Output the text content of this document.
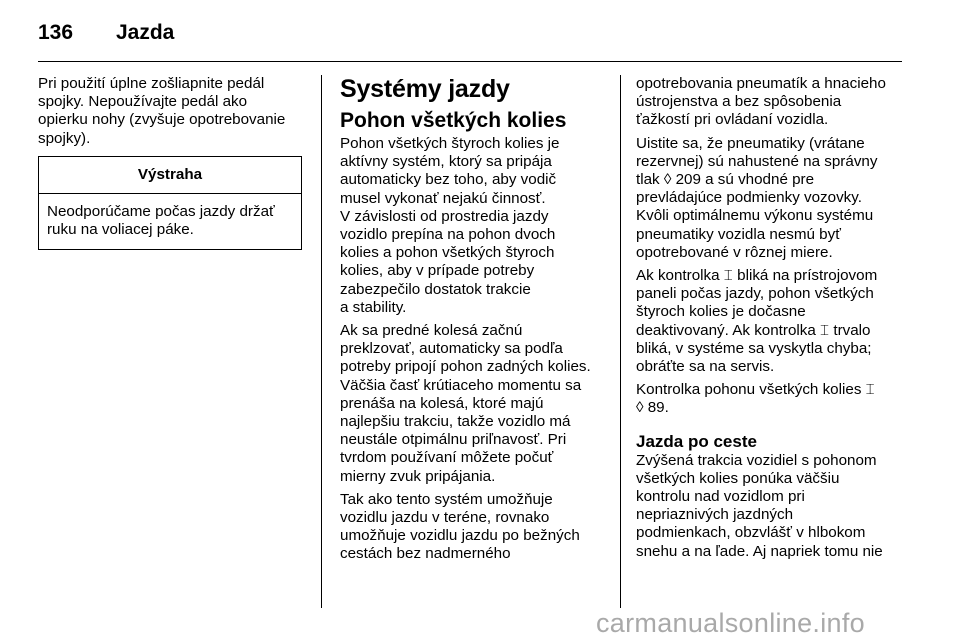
136	Jazda

Pri použití úplne zošliapnite pedál
spojky. Nepoužívajte pedál ako
opierku nohy (zvyšuje opotrebovanie
spojky).

Výstraha
Neodporúčame počas jazdy držať
ruku na voliacej páke.
Systémy jazdy
Pohon všetkých kolies

Pohon všetkých štyroch kolies je
aktívny systém, ktorý sa pripája
automaticky bez toho, aby vodič
musel vykonať nejakú činnosť.
V závislosti od prostredia jazdy
vozidlo prepína na pohon dvoch
kolies a pohon všetkých štyroch
kolies, aby v prípade potreby
zabezpečilo dostatok trakcie
a stability.

Ak sa predné kolesá začnú
preklzovať, automaticky sa podľa
potreby pripojí pohon zadných kolies.
Väčšia časť krútiaceho momentu sa
prenáša na kolesá, ktoré majú
najlepšiu trakciu, takže vozidlo má
neustále otpimálnu priľnavosť. Pri
tvrdom používaní môžete počuť
mierny zvuk pripájania.

Tak ako tento systém umožňuje
vozidlu jazdu v teréne, rovnako
umožňuje vozidlu jazdu po bežných
cestách bez nadmerného

opotrebovania pneumatík a hnacieho
ústrojenstva a bez spôsobenia
ťažkostí pri ovládaní vozidla.

Uistite sa, že pneumatiky (vrátane
rezervnej) sú nahustené na správny
tlak ◊ 209 a sú vhodné pre
prevládajúce podmienky vozovky.
Kvôli optimálnemu výkonu systému
pneumatiky vozidla nesmú byť
opotrebované v rôznej miere.

Ak kontrolka ⌶ bliká na prístrojovom
paneli počas jazdy, pohon všetkých
štyroch kolies je dočasne
deaktivovaný. Ak kontrolka ⌶ trvalo
bliká, v systéme sa vyskytla chyba;
obráťte sa na servis.

Kontrolka pohonu všetkých kolies ⌶
◊ 89.

Jazda po ceste

Zvýšená trakcia vozidiel s pohonom
všetkých kolies ponúka väčšiu
kontrolu nad vozidlom pri
nepriaznivých jazdných
podmienkach, obzvlášť v hlbokom
snehu a na ľade. Aj napriek tomu nie

carmanualsonline.info
